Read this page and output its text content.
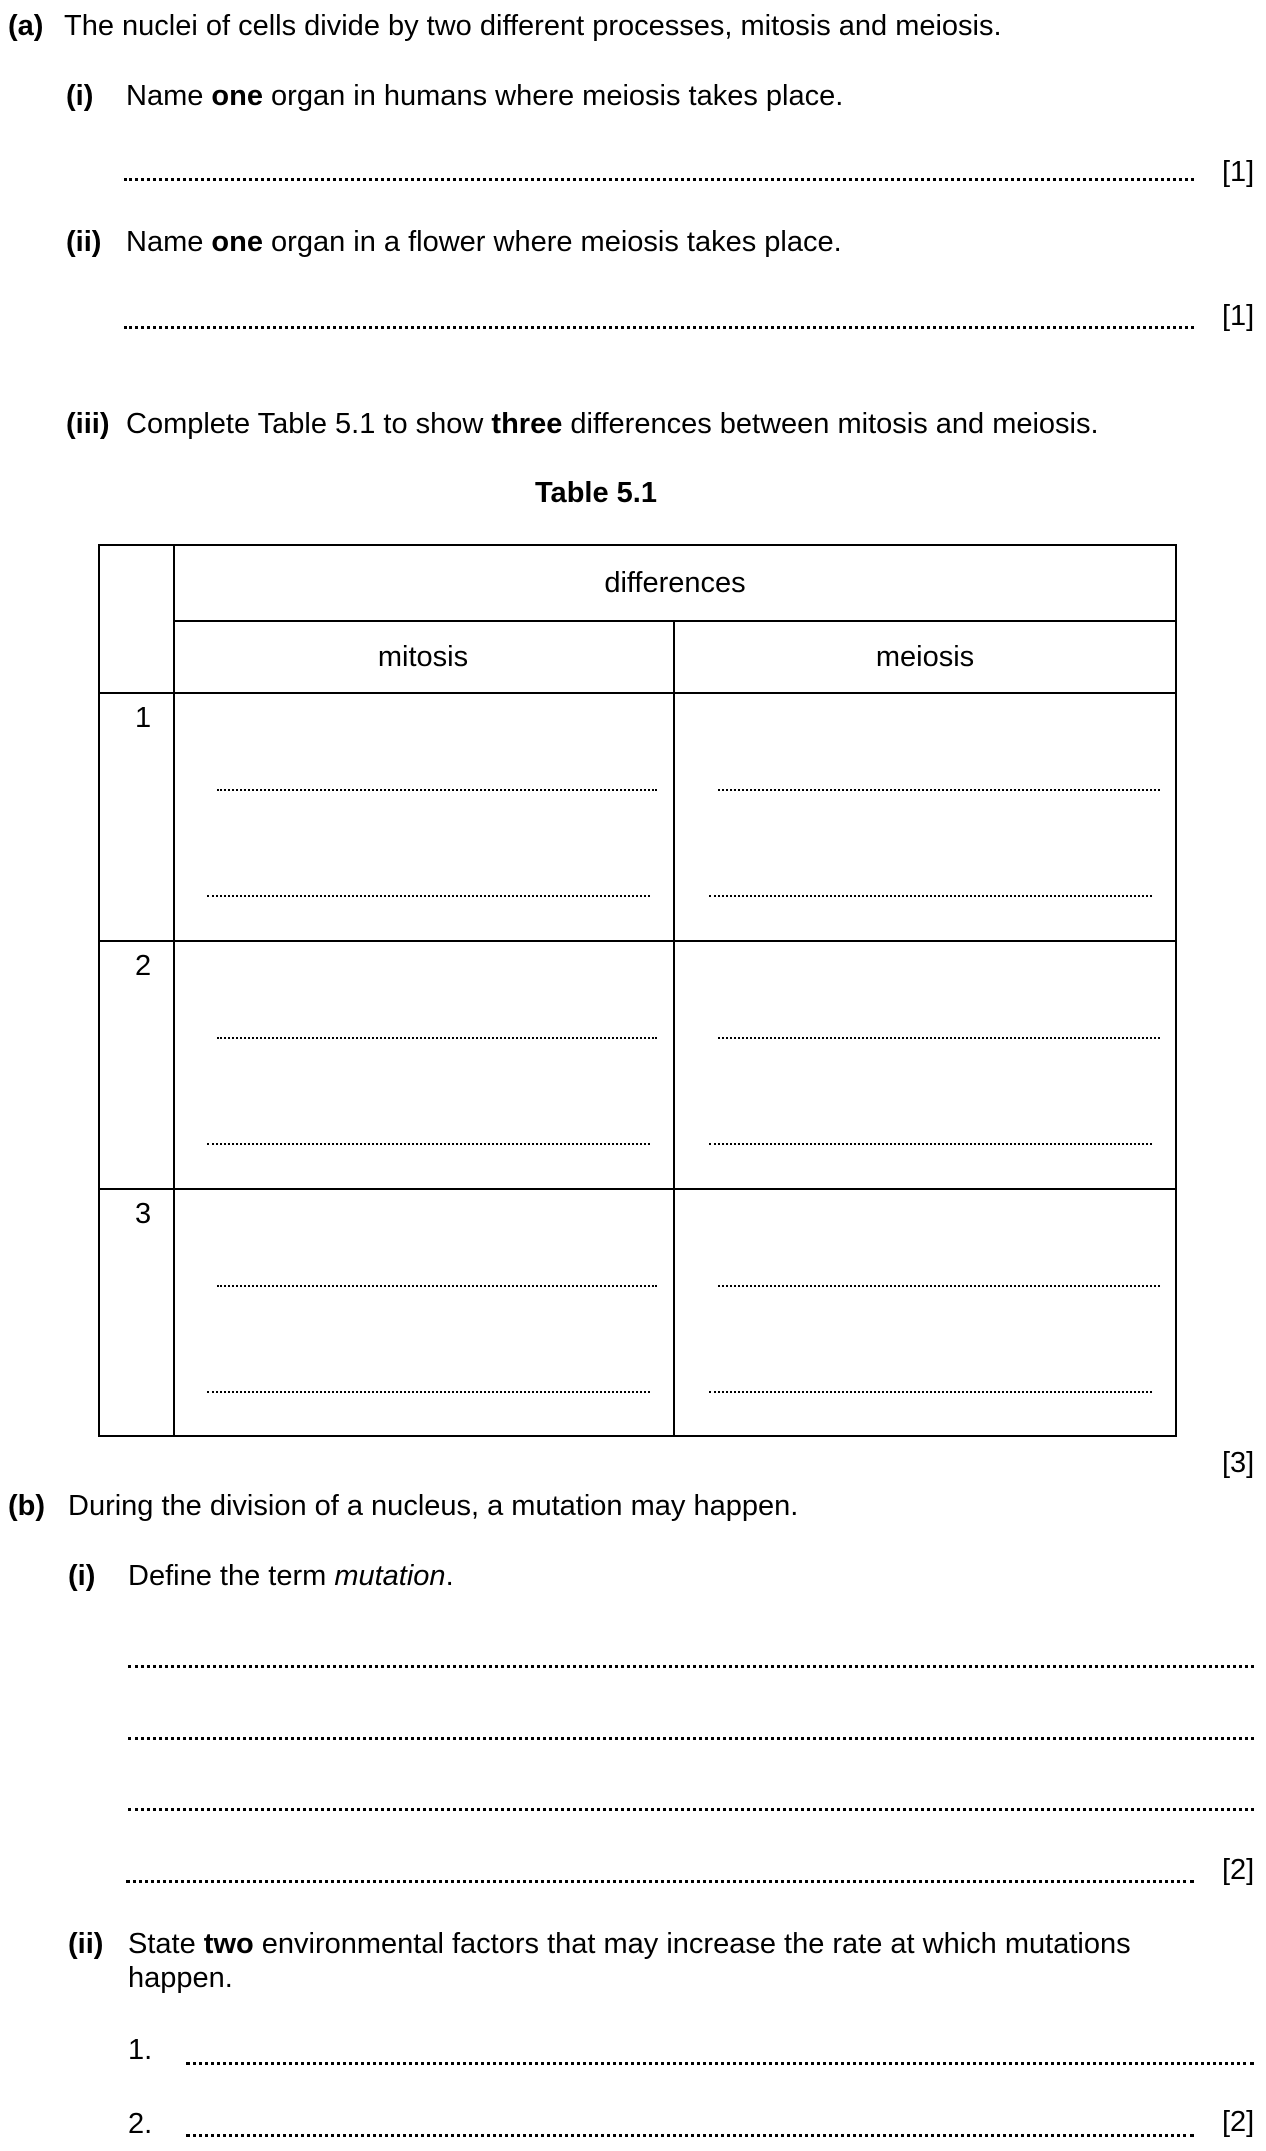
(a) The nuclei of cells divide by two different processes, mitosis and meiosis.
(i) Name one organ in humans where meiosis takes place.
[1]
(ii) Name one organ in a flower where meiosis takes place.
[1]
(iii) Complete Table 5.1 to show three differences between mitosis and meiosis.
Table 5.1
differences
mitosis	meiosis
1
2
3
[3]
(b) During the division of a nucleus, a mutation may happen.
(i) Define the term mutation.
[2]
(ii) State two environmental factors that may increase the rate at which mutations
happen.
1.
2.	[2]
